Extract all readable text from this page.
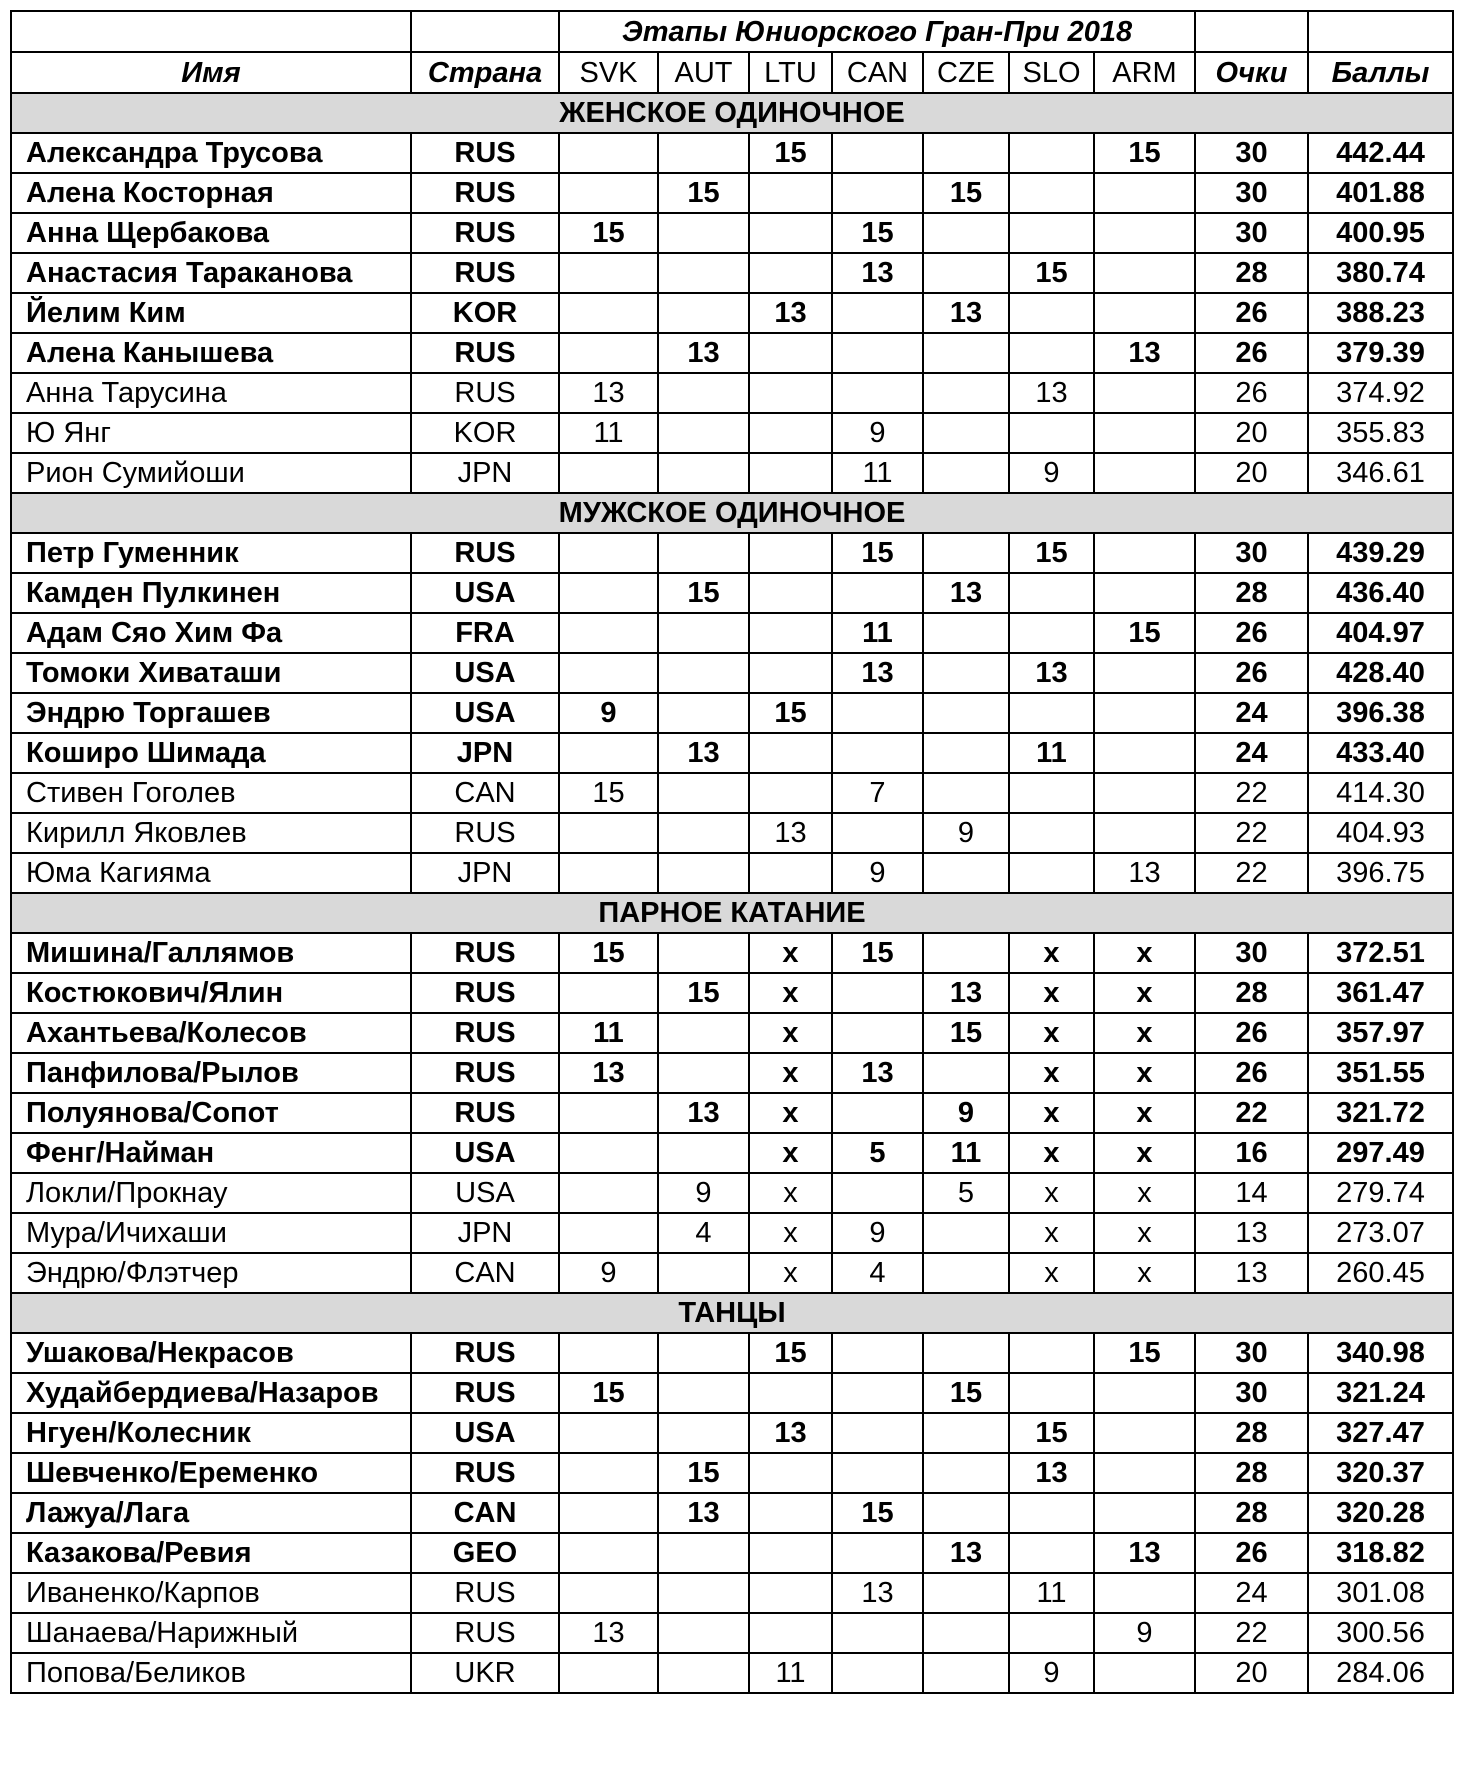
		Этапы Юниорского Гран-При 2018								
Имя	Страна	SVK	AUT	LTU	CAN	CZE	SLO	ARM	Очки	Баллы
ЖЕНСКОЕ ОДИНОЧНОЕ										
Александра Трусова	RUS			15				15	30	442.44
Алена Косторная	RUS		15			15			30	401.88
Анна Щербакова	RUS	15			15				30	400.95
Анастасия Тараканова	RUS				13		15		28	380.74
Йелим Ким	KOR			13		13			26	388.23
Алена Канышева	RUS		13					13	26	379.39
Анна Тарусина	RUS	13					13		26	374.92
Ю Янг	KOR	11			9				20	355.83
Рион Сумийоши	JPN				11		9		20	346.61
МУЖСКОЕ ОДИНОЧНОЕ										
Петр Гуменник	RUS				15		15		30	439.29
Камден Пулкинен	USA		15			13			28	436.40
Адам Сяо Хим Фа	FRA				11			15	26	404.97
Томоки Хиваташи	USA				13		13		26	428.40
Эндрю Торгашев	USA	9		15					24	396.38
Коширо Шимада	JPN		13				11		24	433.40
Стивен Гоголев	CAN	15			7				22	414.30
Кирилл Яковлев	RUS			13		9			22	404.93
Юма Кагияма	JPN				9			13	22	396.75
ПАРНОЕ КАТАНИЕ										
Мишина/Галлямов	RUS	15		x	15		x	x	30	372.51
Костюкович/Ялин	RUS		15	x		13	x	x	28	361.47
Ахантьева/Колесов	RUS	11		x		15	x	x	26	357.97
Панфилова/Рылов	RUS	13		x	13		x	x	26	351.55
Полуянова/Сопот	RUS		13	x		9	x	x	22	321.72
Фенг/Найман	USA			x	5	11	x	x	16	297.49
Локли/Прокнау	USA		9	x		5	x	x	14	279.74
Мура/Ичихаши	JPN		4	x	9		x	x	13	273.07
Эндрю/Флэтчер	CAN	9		x	4		x	x	13	260.45
ТАНЦЫ										
Ушакова/Некрасов	RUS			15				15	30	340.98
Худайбердиева/Назаров	RUS	15				15			30	321.24
Нгуен/Колесник	USA			13			15		28	327.47
Шевченко/Еременко	RUS		15				13		28	320.37
Лажуа/Лага	CAN		13		15				28	320.28
Казакова/Ревия	GEO					13		13	26	318.82
Иваненко/Карпов	RUS				13		11		24	301.08
Шанаева/Нарижный	RUS	13						9	22	300.56
Попова/Беликов	UKR			11			9		20	284.06
